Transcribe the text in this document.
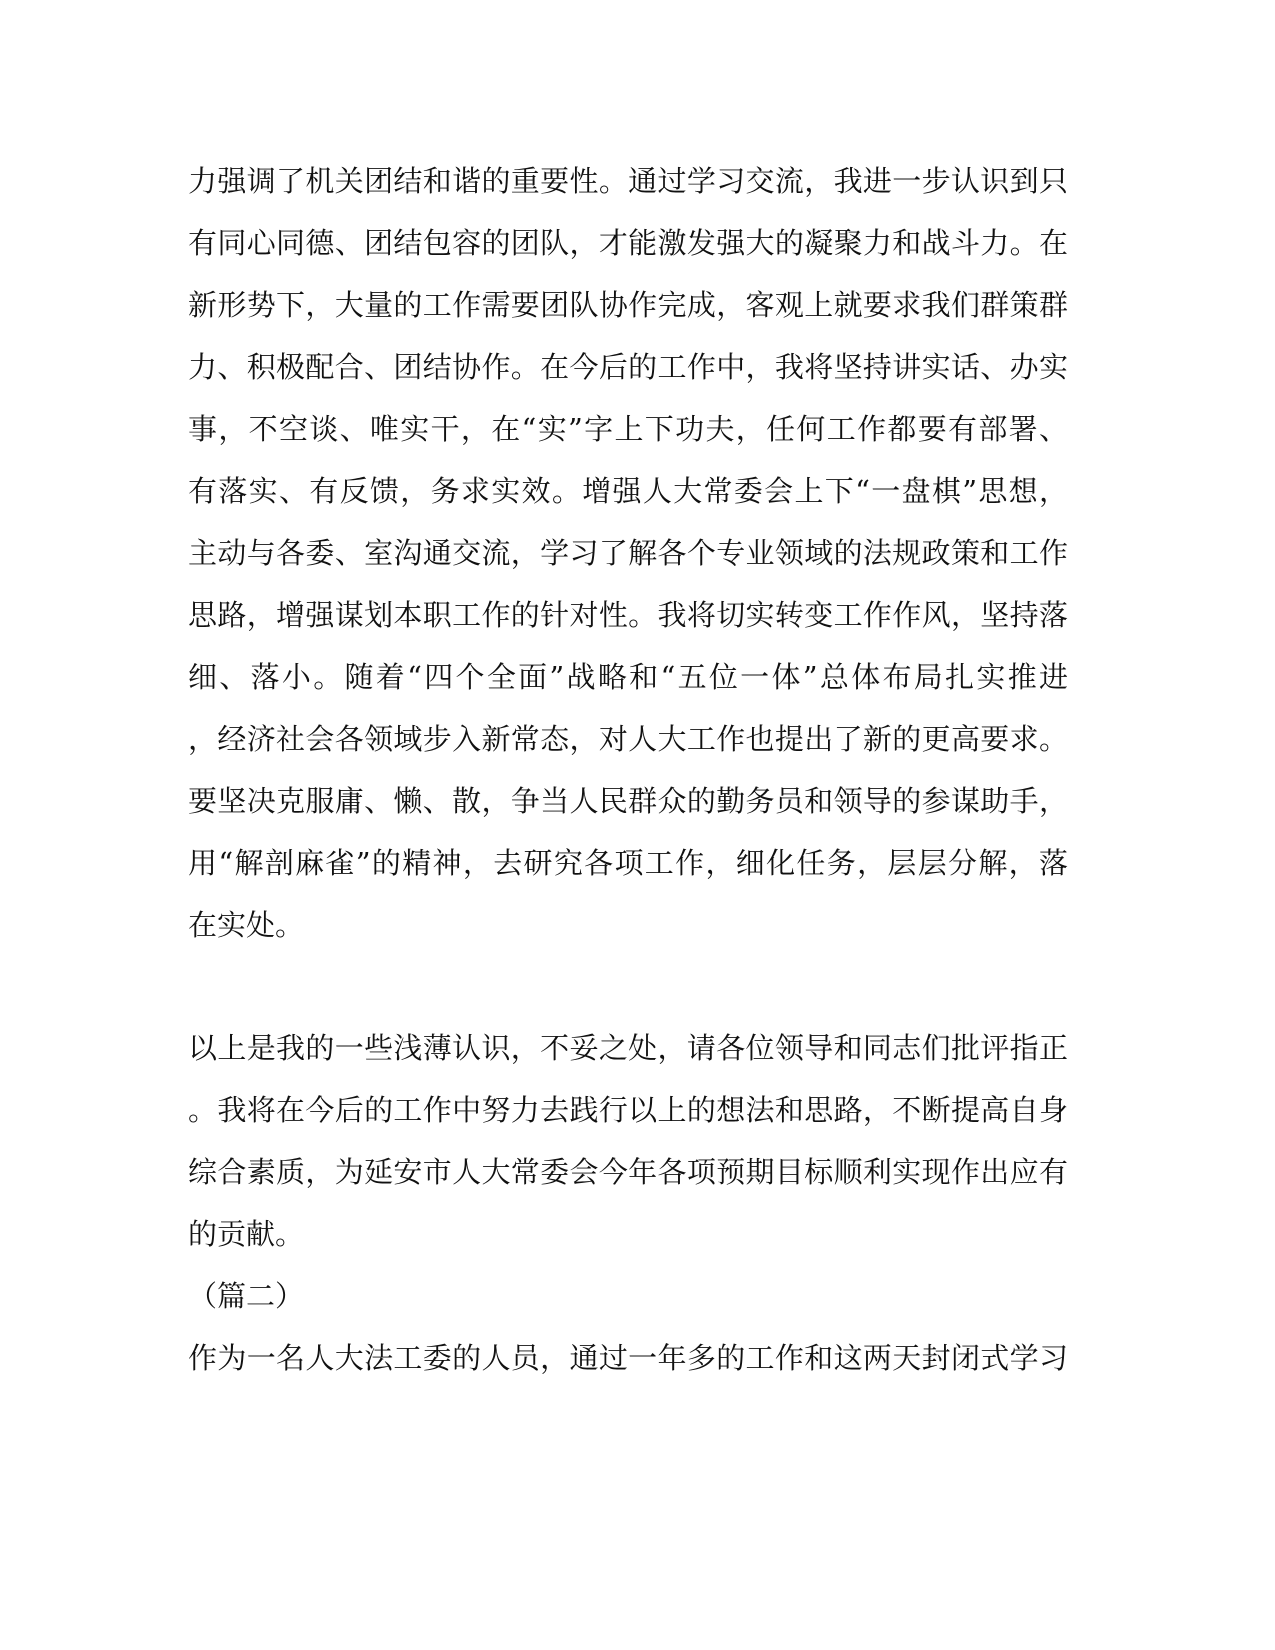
力强调了机关团结和谐的重要性。通过学习交流，我进一步认识到只
有同心同德、团结包容的团队，才能激发强大的凝聚力和战斗力。在
新形势下，大量的工作需要团队协作完成，客观上就要求我们群策群
力、积极配合、团结协作。在今后的工作中，我将坚持讲实话、办实
事，不空谈、唯实干，在“实”字上下功夫，任何工作都要有部署、
有落实、有反馈，务求实效。增强人大常委会上下“一盘棋”思想，
主动与各委、室沟通交流，学习了解各个专业领域的法规政策和工作
思路，增强谋划本职工作的针对性。我将切实转变工作作风，坚持落
细、落小。随着“四个全面”战略和“五位一体”总体布局扎实推进
，经济社会各领域步入新常态，对人大工作也提出了新的更高要求。
要坚决克服庸、懒、散，争当人民群众的勤务员和领导的参谋助手，
用“解剖麻雀”的精神，去研究各项工作，细化任务，层层分解，落
在实处。
以上是我的一些浅薄认识，不妥之处，请各位领导和同志们批评指正
。我将在今后的工作中努力去践行以上的想法和思路，不断提高自身
综合素质，为延安市人大常委会今年各项预期目标顺利实现作出应有
的贡献。
（篇二）
作为一名人大法工委的人员，通过一年多的工作和这两天封闭式学习
